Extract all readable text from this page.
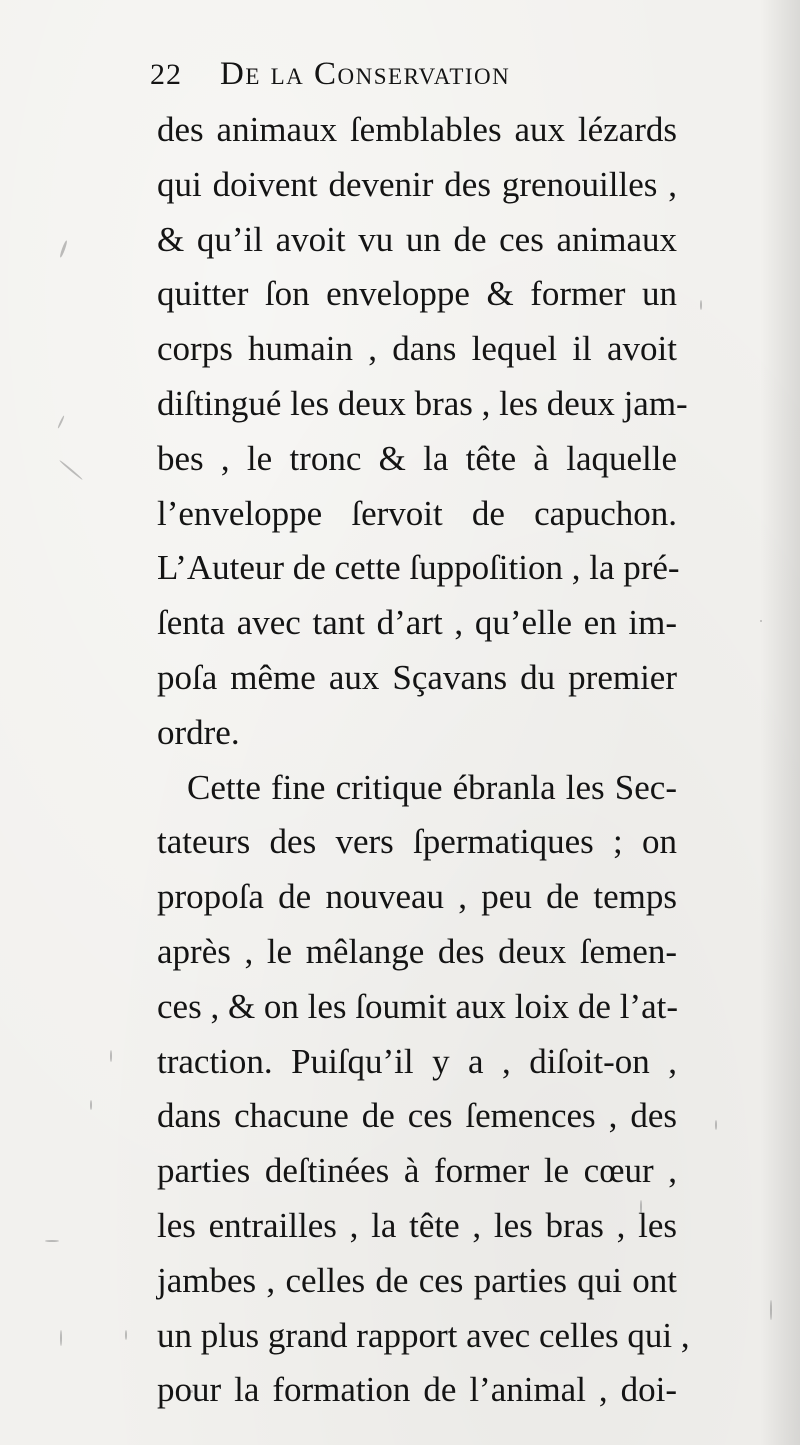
22 De la Conservation
des animaux ſemblables aux lézards
qui doivent devenir des grenouilles ,
& qu’il avoit vu un de ces animaux
quitter ſon enveloppe & former un
corps humain , dans lequel il avoit
diſtingué les deux bras , les deux jam-
bes , le tronc & la tête à laquelle
l’enveloppe ſervoit de capuchon.
L’Auteur de cette ſuppoſition , la pré-
ſenta avec tant d’art , qu’elle en im-
poſa même aux Sçavans du premier
ordre.
Cette fine critique ébranla les Sec-
tateurs des vers ſpermatiques ; on
propoſa de nouveau , peu de temps
après , le mêlange des deux ſemen-
ces , & on les ſoumit aux loix de l’at-
traction. Puiſqu’il y a , diſoit-on ,
dans chacune de ces ſemences , des
parties deſtinées à former le cœur ,
les entrailles , la tête , les bras , les
jambes , celles de ces parties qui ont
un plus grand rapport avec celles qui ,
pour la formation de l’animal , doi-
